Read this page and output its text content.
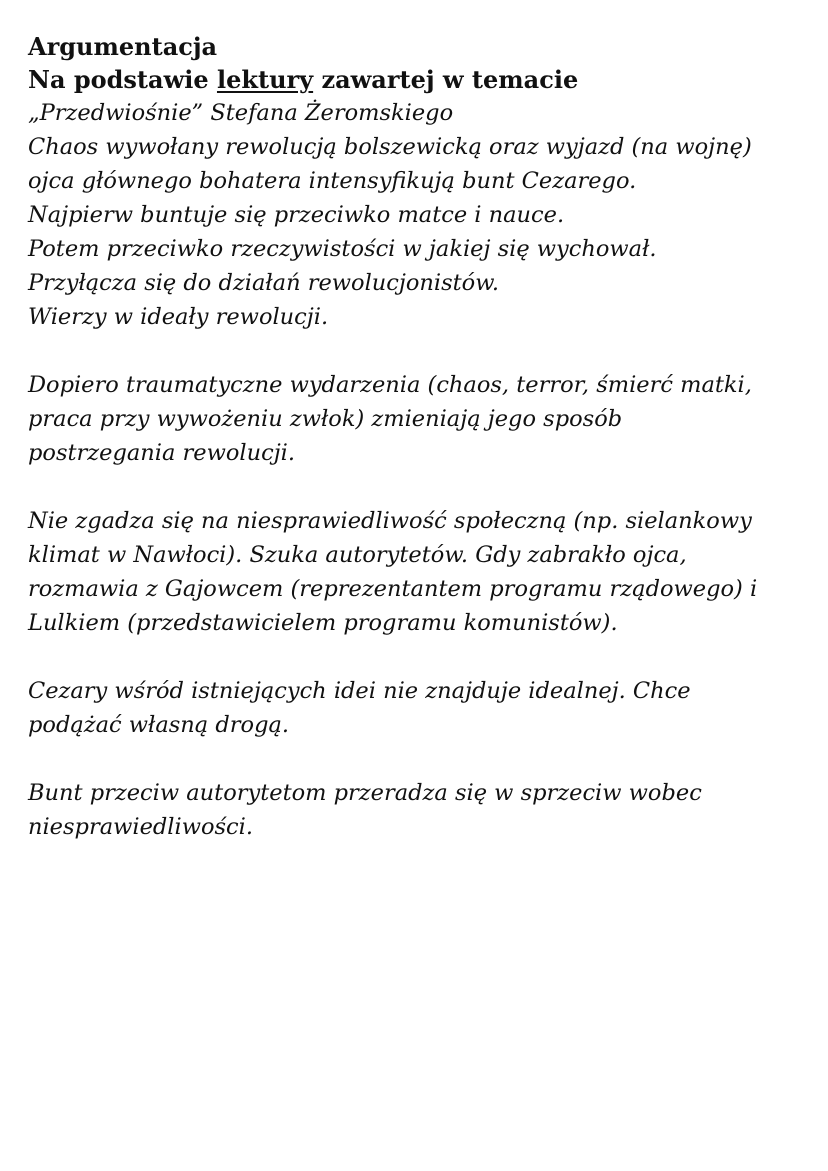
Argumentacja

Na podstawie lektury zawartej w temacie

„Przedwiośnie” Stefana Żeromskiego
Chaos wywołany rewolucją bolszewicką oraz wyjazd (na wojnę)
ojca głównego bohatera intensyfikują bunt Cezarego.
Najpierw buntuje się przeciwko matce i nauce.
Potem przeciwko rzeczywistości w jakiej się wychował.
Przyłącza się do działań rewolucjonistów.
Wierzy w ideały rewolucji.

Dopiero traumatyczne wydarzenia (chaos, terror, śmierć matki,
praca przy wywożeniu zwłok) zmieniają jego sposób
postrzegania rewolucji.

Nie zgadza się na niesprawiedliwość społeczną (np. sielankowy
klimat w Nawłoci). Szuka autorytetów. Gdy zabrakło ojca,
rozmawia z Gajowcem (reprezentantem programu rządowego) i
Lulkiem (przedstawicielem programu komunistów).

Cezary wśród istniejących idei nie znajduje idealnej. Chce
podążać własną drogą.

Bunt przeciw autorytetom przeradza się w sprzeciw wobec
niesprawiedliwości.
